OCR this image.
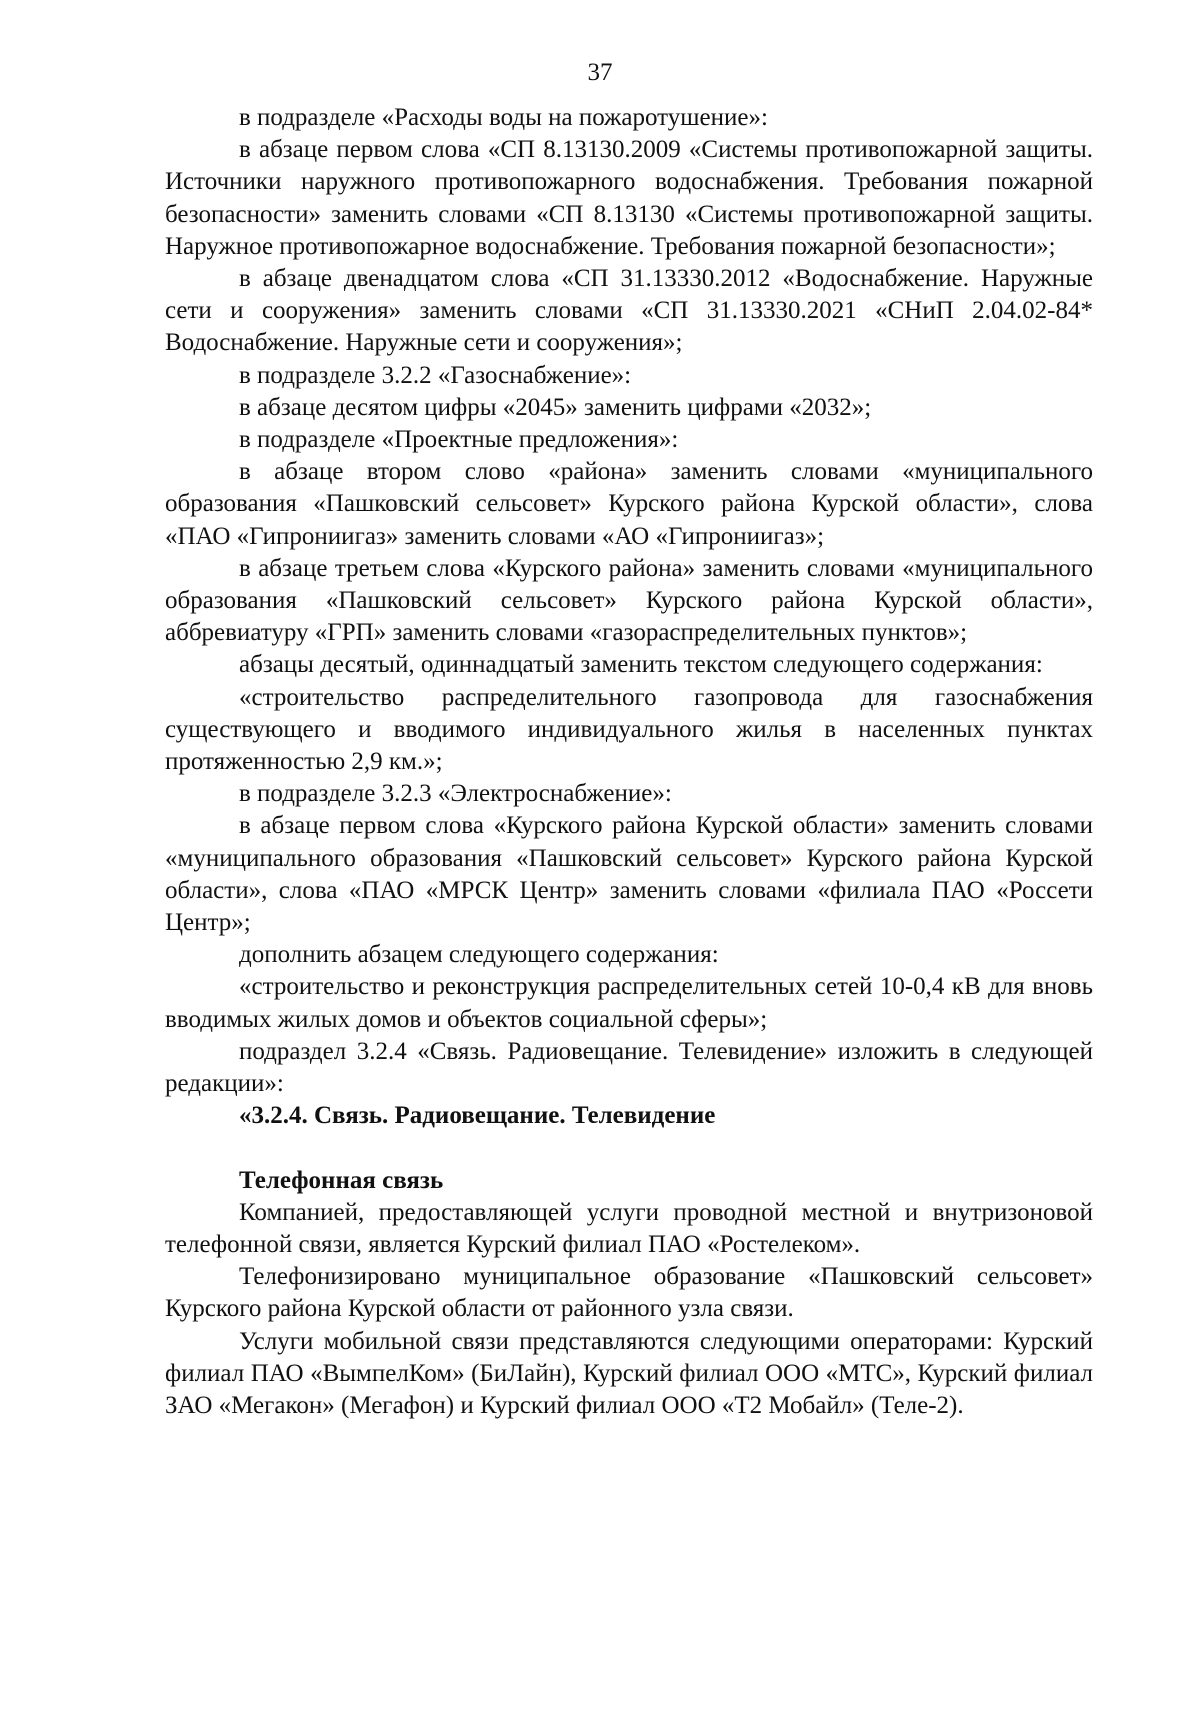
37

в подразделе «Расходы воды на пожаротушение»:

в абзаце первом слова «СП 8.13130.2009 «Системы противопожарной защиты. Источники наружного противопожарного водоснабжения. Требования пожарной безопасности» заменить словами «СП 8.13130 «Системы противопожарной защиты. Наружное противопожарное водоснабжение. Требования пожарной безопасности»;

в абзаце двенадцатом слова «СП 31.13330.2012 «Водоснабжение. Наружные сети и сооружения» заменить словами «СП 31.13330.2021 «СНиП 2.04.02-84* Водоснабжение. Наружные сети и сооружения»;

в подразделе 3.2.2 «Газоснабжение»:

в абзаце десятом цифры «2045» заменить цифрами «2032»;

в подразделе «Проектные предложения»:

в абзаце втором слово «района» заменить словами «муниципального образования «Пашковский сельсовет» Курского района Курской области», слова «ПАО «Гипрониигаз» заменить словами «АО «Гипрониигаз»;

в абзаце третьем слова «Курского района» заменить словами «муниципального образования «Пашковский сельсовет» Курского района Курской области», аббревиатуру «ГРП» заменить словами «газораспределительных пунктов»;

абзацы десятый, одиннадцатый заменить текстом следующего содержания:

«строительство распределительного газопровода для газоснабжения существующего и вводимого индивидуального жилья в населенных пунктах протяженностью 2,9 км.»;

в подразделе 3.2.3 «Электроснабжение»:

в абзаце первом слова «Курского района Курской области» заменить словами «муниципального образования «Пашковский сельсовет» Курского района Курской области», слова «ПАО «МРСК Центр» заменить словами «филиала ПАО «Россети Центр»;

дополнить абзацем следующего содержания:

«строительство и реконструкция распределительных сетей 10-0,4 кВ для вновь вводимых жилых домов и объектов социальной сферы»;

подраздел 3.2.4 «Связь. Радиовещание. Телевидение» изложить в следующей редакции»:

«3.2.4. Связь. Радиовещание. Телевидение

Телефонная связь

Компанией, предоставляющей услуги проводной местной и внутризоновой телефонной связи, является Курский филиал ПАО «Ростелеком».

Телефонизировано муниципальное образование «Пашковский сельсовет» Курского района Курской области от районного узла связи.

Услуги мобильной связи представляются следующими операторами: Курский филиал ПАО «ВымпелКом» (БиЛайн), Курский филиал ООО «МТС», Курский филиал ЗАО «Мегакон» (Мегафон) и Курский филиал ООО «Т2 Мобайл» (Теле-2).
